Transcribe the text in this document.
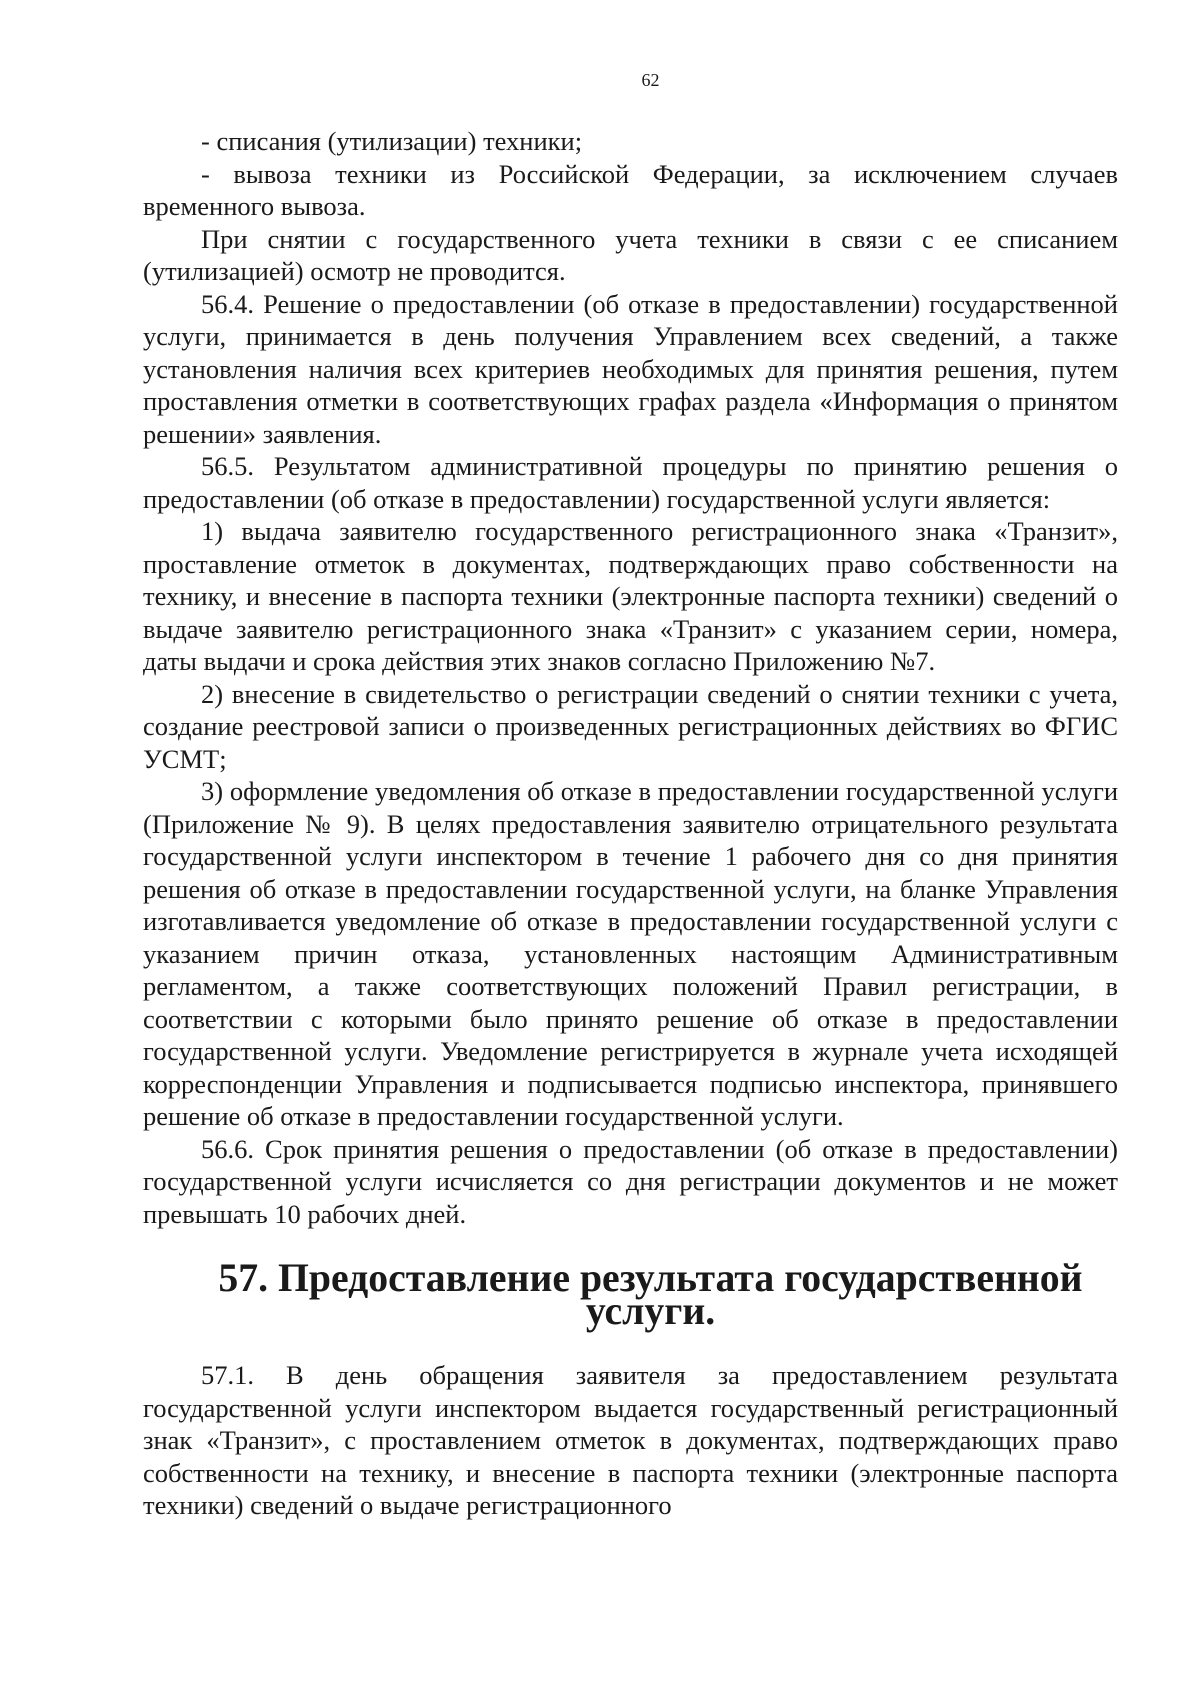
62

- списания (утилизации) техники;

- вывоза техники из Российской Федерации, за исключением случаев временного вывоза.

При снятии с государственного учета техники в связи с ее списанием (утилизацией) осмотр не проводится.

56.4. Решение о предоставлении (об отказе в предоставлении) государственной услуги, принимается в день получения Управлением всех сведений, а также установления наличия всех критериев необходимых для принятия решения, путем проставления отметки в соответствующих графах раздела «Информация о принятом решении» заявления.

56.5. Результатом административной процедуры по принятию решения о предоставлении (об отказе в предоставлении) государственной услуги является:

1) выдача заявителю государственного регистрационного знака «Транзит», проставление отметок в документах, подтверждающих право собственности на технику, и внесение в паспорта техники (электронные паспорта техники) сведений о выдаче заявителю регистрационного знака «Транзит» с указанием серии, номера, даты выдачи и срока действия этих знаков согласно Приложению №7.

2) внесение в свидетельство о регистрации сведений о снятии техники с учета, создание реестровой записи о произведенных регистрационных действиях во ФГИС УСМТ;

3) оформление уведомления об отказе в предоставлении государственной услуги (Приложение № 9). В целях предоставления заявителю отрицательного результата государственной услуги инспектором в течение 1 рабочего дня со дня принятия решения об отказе в предоставлении государственной услуги, на бланке Управления изготавливается уведомление об отказе в предоставлении государственной услуги с указанием причин отказа, установленных настоящим Административным регламентом, а также соответствующих положений Правил регистрации, в соответствии с которыми было принято решение об отказе в предоставлении государственной услуги. Уведомление регистрируется в журнале учета исходящей корреспонденции Управления и подписывается подписью инспектора, принявшего решение об отказе в предоставлении государственной услуги.

56.6. Срок принятия решения о предоставлении (об отказе в предоставлении) государственной услуги исчисляется со дня регистрации документов и не может превышать 10 рабочих дней.

57. Предоставление результата государственной услуги.

57.1. В день обращения заявителя за предоставлением результата государственной услуги инспектором выдается государственный регистрационный знак «Транзит», с проставлением отметок в документах, подтверждающих право собственности на технику, и внесение в паспорта техники (электронные паспорта техники) сведений о выдаче регистрационного
